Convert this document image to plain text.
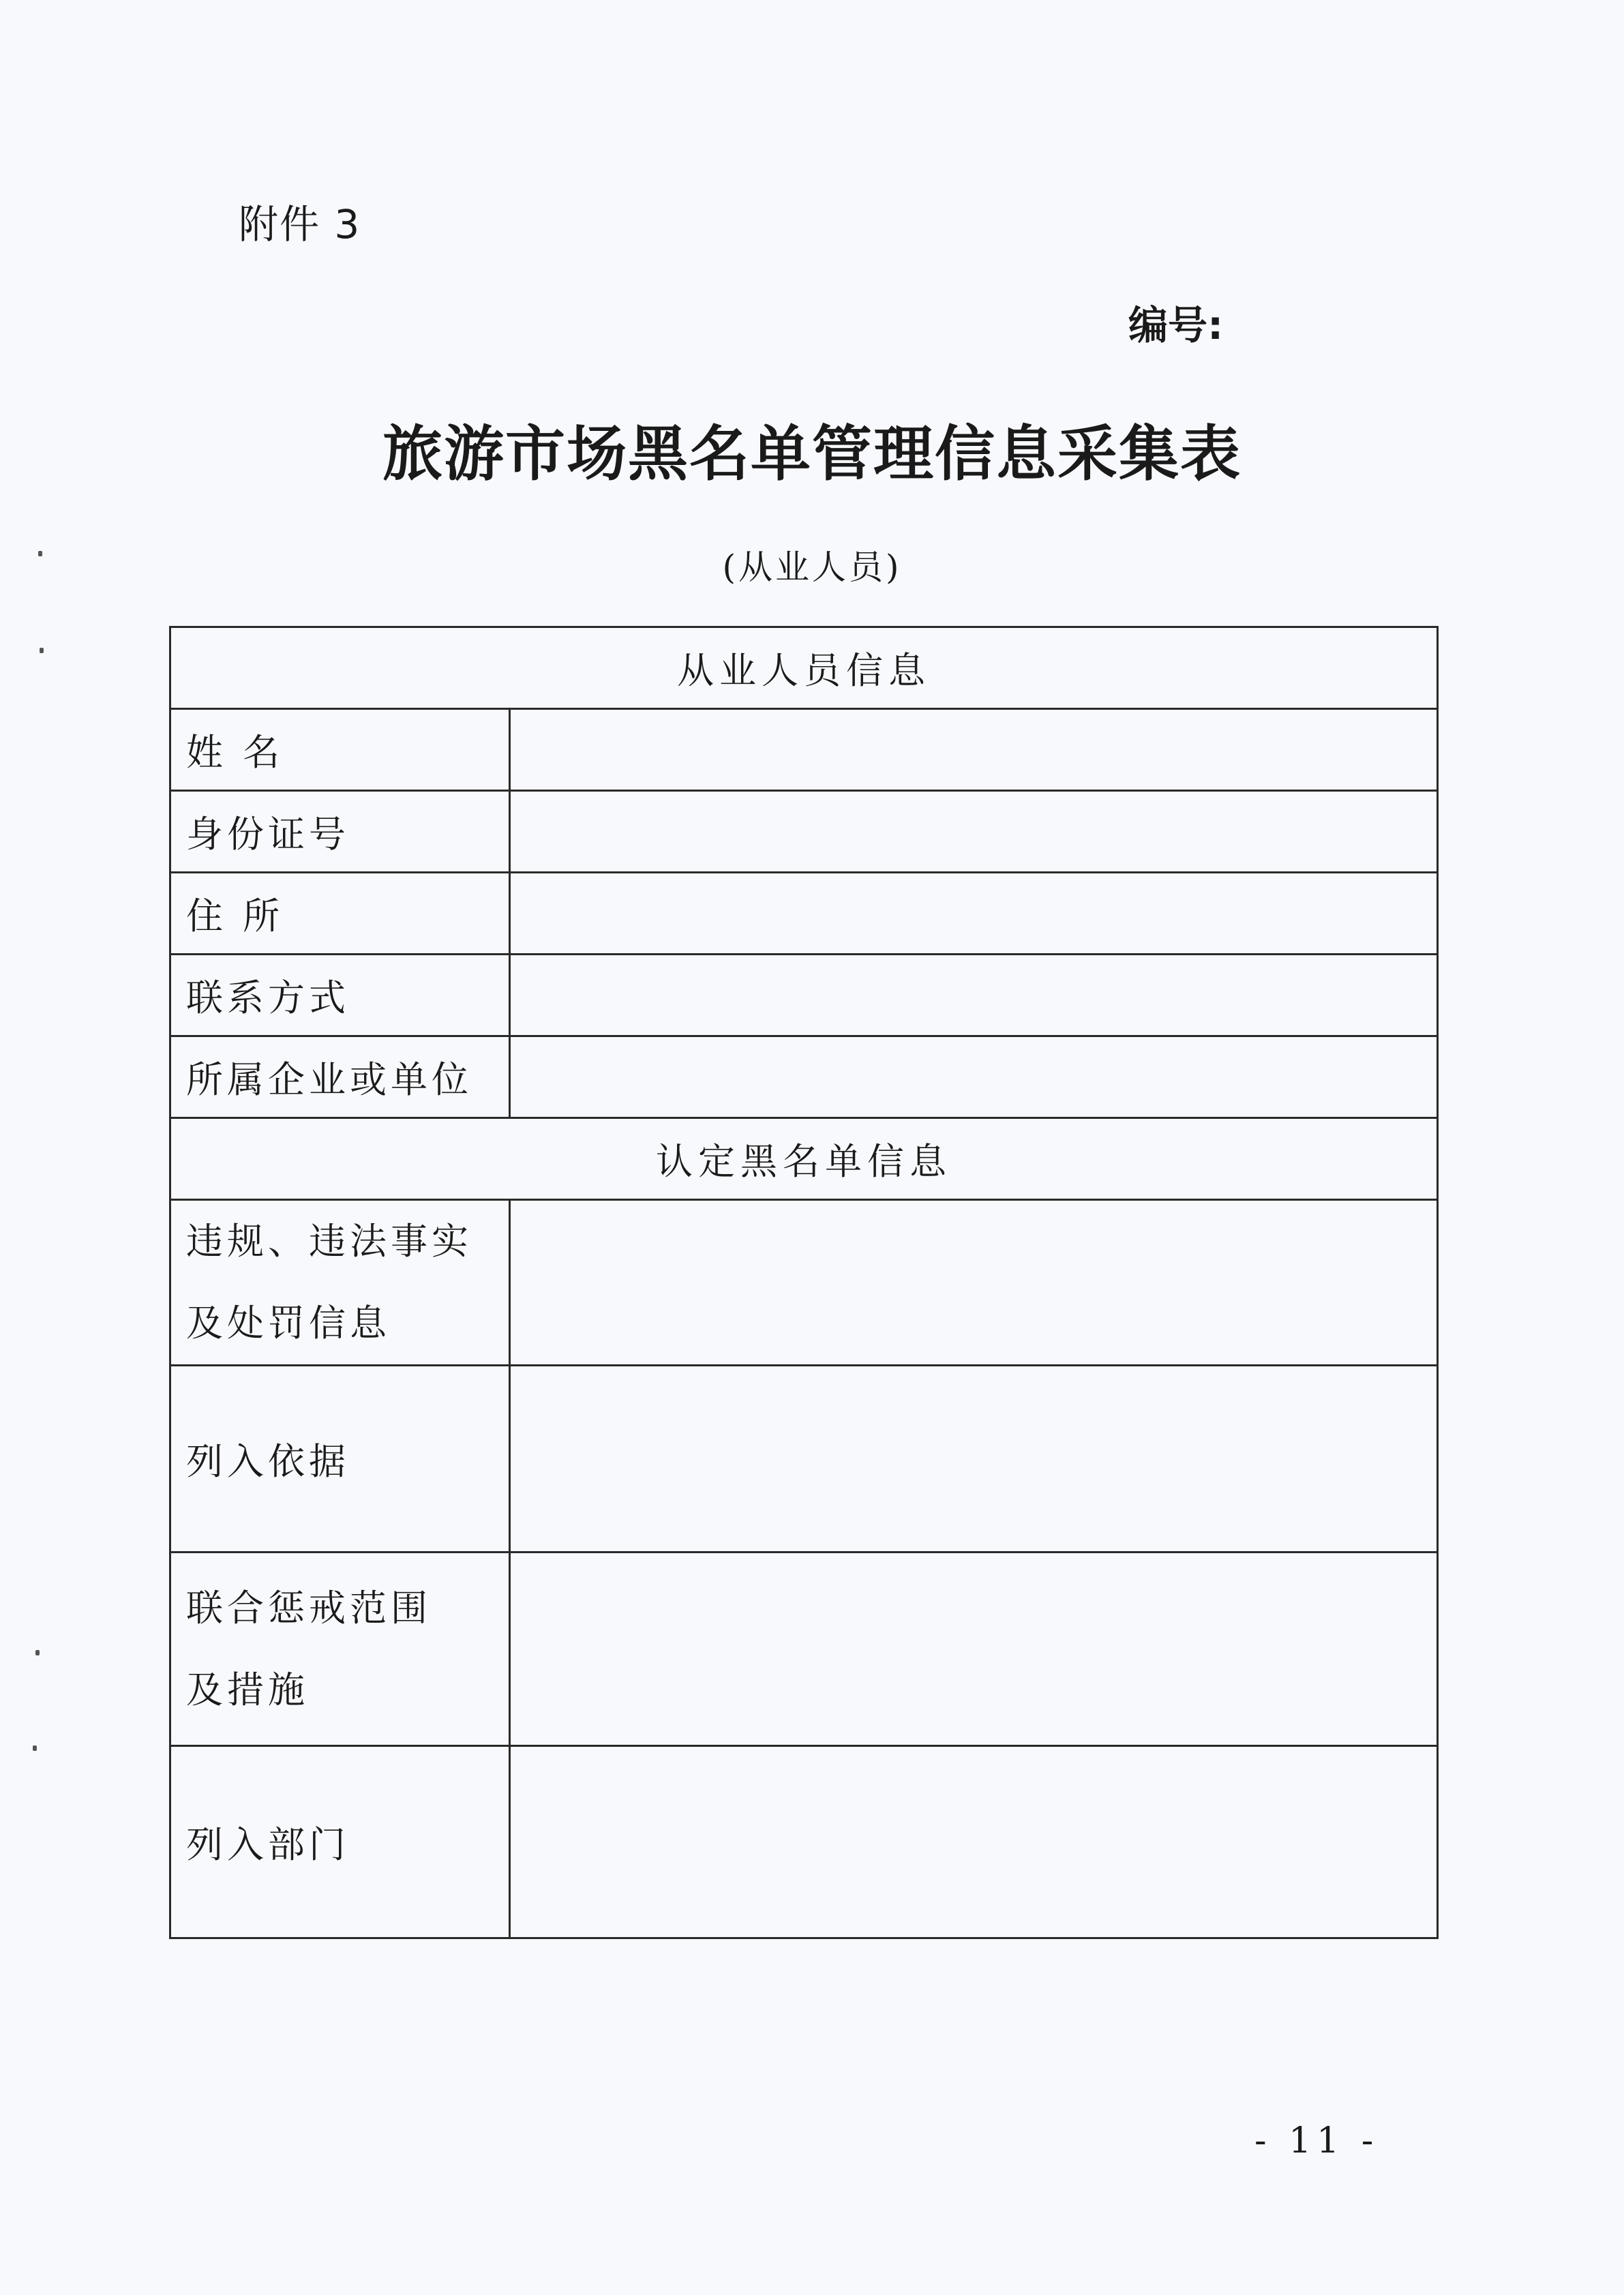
附件 3
编号:
旅游市场黑名单管理信息采集表
(从业人员)
从业人员信息	
姓 名	
身份证号	
住 所	
联系方式	
所属企业或单位	
认定黑名单信息	

违规、违法事实
及处罚信息	

列入依据	

联合惩戒范围
及措施	

列入部门	
- 11 -
